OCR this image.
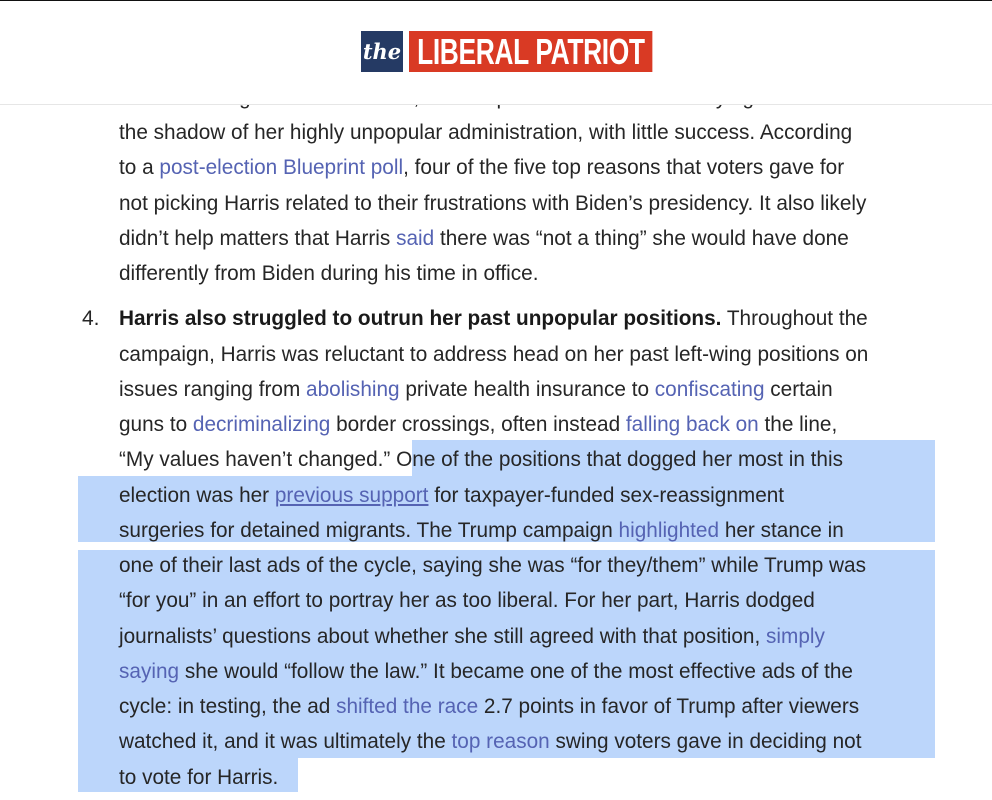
the LIBERAL PATRIOT

the shadow of her highly unpopular administration, with little success. According

to a post-election Blueprint poll, four of the five top reasons that voters gave for

not picking Harris related to their frustrations with Biden’s presidency. It also likely

didn’t help matters that Harris said there was “not a thing” she would have done

differently from Biden during his time in office.

4. Harris also struggled to outrun her past unpopular positions. Throughout the

campaign, Harris was reluctant to address head on her past left-wing positions on

issues ranging from abolishing private health insurance to confiscating certain

guns to decriminalizing border crossings, often instead falling back on the line,

“My values haven’t changed.” One of the positions that dogged her most in this

election was her previous support for taxpayer-funded sex-reassignment

surgeries for detained migrants. The Trump campaign highlighted her stance in

one of their last ads of the cycle, saying she was “for they/them” while Trump was

“for you” in an effort to portray her as too liberal. For her part, Harris dodged

journalists’ questions about whether she still agreed with that position, simply

saying she would “follow the law.” It became one of the most effective ads of the

cycle: in testing, the ad shifted the race 2.7 points in favor of Trump after viewers

watched it, and it was ultimately the top reason swing voters gave in deciding not

to vote for Harris.
